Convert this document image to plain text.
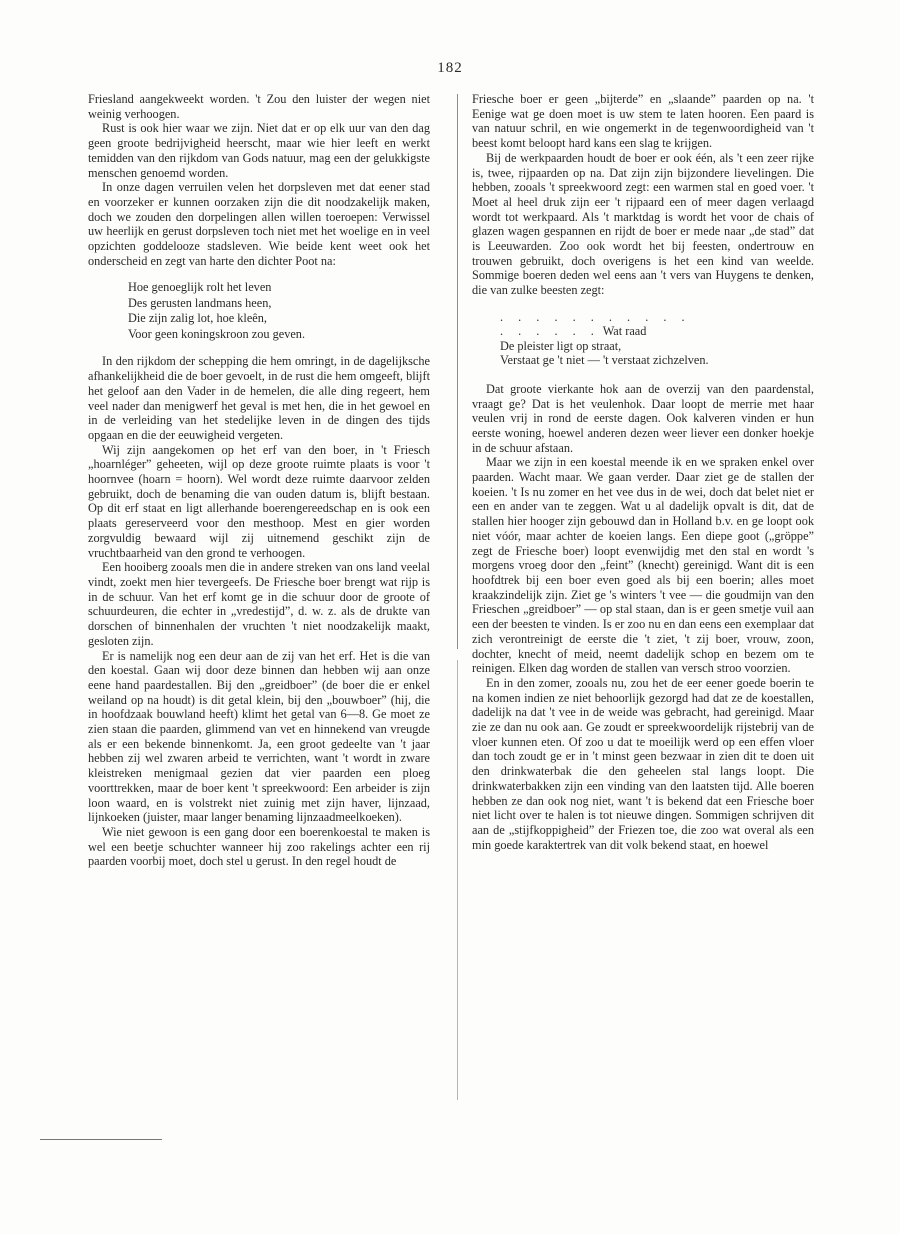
182

Friesland aangekweekt worden. 't Zou den luister der wegen niet weinig verhoogen.

Rust is ook hier waar we zijn. Niet dat er op elk uur van den dag geen groote bedrijvigheid heerscht, maar wie hier leeft en werkt temidden van den rijkdom van Gods natuur, mag een der gelukkigste menschen genoemd worden.

In onze dagen verruilen velen het dorpsleven met dat eener stad en voorzeker er kunnen oorzaken zijn die dit noodzakelijk maken, doch we zouden den dorpelingen allen willen toeroepen: Verwissel uw heerlijk en gerust dorpsleven toch niet met het woelige en in veel opzichten goddelooze stadsleven. Wie beide kent weet ook het onderscheid en zegt van harte den dichter Poot na:

Hoe genoeglijk rolt het leven
Des gerusten landmans heen,
Die zijn zalig lot, hoe kleên,
Voor geen koningskroon zou geven.

In den rijkdom der schepping die hem omringt, in de dagelijksche afhankelijkheid die de boer gevoelt, in de rust die hem omgeeft, blijft het geloof aan den Vader in de hemelen, die alle ding regeert, hem veel nader dan menigwerf het geval is met hen, die in het gewoel en in de verleiding van het stedelijke leven in de dingen des tijds opgaan en die der eeuwigheid vergeten.

Wij zijn aangekomen op het erf van den boer, in 't Friesch „hoarnléger” geheeten, wijl op deze groote ruimte plaats is voor 't hoornvee (hoarn = hoorn). Wel wordt deze ruimte daarvoor zelden gebruikt, doch de benaming die van ouden datum is, blijft bestaan. Op dit erf staat en ligt allerhande boerengereedschap en is ook een plaats gereserveerd voor den mesthoop. Mest en gier worden zorgvuldig bewaard wijl zij uitnemend geschikt zijn de vruchtbaarheid van den grond te verhoogen.

Een hooiberg zooals men die in andere streken van ons land veelal vindt, zoekt men hier tevergeefs. De Friesche boer brengt wat rijp is in de schuur. Van het erf komt ge in die schuur door de groote of schuurdeuren, die echter in „vredestijd”, d. w. z. als de drukte van dorschen of binnenhalen der vruchten 't niet noodzakelijk maakt, gesloten zijn.

Er is namelijk nog een deur aan de zij van het erf. Het is die van den koestal. Gaan wij door deze binnen dan hebben wij aan onze eene hand paardestallen. Bij den „greidboer” (de boer die er enkel weiland op na houdt) is dit getal klein, bij den „bouwboer” (hij, die in hoofdzaak bouwland heeft) klimt het getal van 6—8. Ge moet ze zien staan die paarden, glimmend van vet en hinnekend van vreugde als er een bekende binnenkomt. Ja, een groot gedeelte van 't jaar hebben zij wel zwaren arbeid te verrichten, want 't wordt in zware kleistreken menigmaal gezien dat vier paarden een ploeg voorttrekken, maar de boer kent 't spreekwoord: Een arbeider is zijn loon waard, en is volstrekt niet zuinig met zijn haver, lijnzaad, lijnkoeken (juister, maar langer benaming lijnzaadmeelkoeken).

Wie niet gewoon is een gang door een boerenkoestal te maken is wel een beetje schuchter wanneer hij zoo rakelings achter een rij paarden voorbij moet, doch stel u gerust. In den regel houdt de

Friesche boer er geen „bijterde” en „slaande” paarden op na. 't Eenige wat ge doen moet is uw stem te laten hooren. Een paard is van natuur schril, en wie ongemerkt in de tegenwoordigheid van 't beest komt beloopt hard kans een slag te krijgen.

Bij de werkpaarden houdt de boer er ook één, als 't een zeer rijke is, twee, rijpaarden op na. Dat zijn zijn bijzondere lievelingen. Die hebben, zooals 't spreekwoord zegt: een warmen stal en goed voer. 't Moet al heel druk zijn eer 't rijpaard een of meer dagen verlaagd wordt tot werkpaard. Als 't marktdag is wordt het voor de chais of glazen wagen gespannen en rijdt de boer er mede naar „de stad” dat is Leeuwarden. Zoo ook wordt het bij feesten, ondertrouw en trouwen gebruikt, doch overigens is het een kind van weelde. Sommige boeren deden wel eens aan 't vers van Huygens te denken, die van zulke beesten zegt:

. . . . . . . . . . .
. . . . . . Wat raad
De pleister ligt op straat,
Verstaat ge 't niet — 't verstaat zichzelven.

Dat groote vierkante hok aan de overzij van den paardenstal, vraagt ge? Dat is het veulenhok. Daar loopt de merrie met haar veulen vrij in rond de eerste dagen. Ook kalveren vinden er hun eerste woning, hoewel anderen dezen weer liever een donker hoekje in de schuur afstaan.

Maar we zijn in een koestal meende ik en we spraken enkel over paarden. Wacht maar. We gaan verder. Daar ziet ge de stallen der koeien. 't Is nu zomer en het vee dus in de wei, doch dat belet niet er een en ander van te zeggen. Wat u al dadelijk opvalt is dit, dat de stallen hier hooger zijn gebouwd dan in Holland b.v. en ge loopt ook niet vóór, maar achter de koeien langs. Een diepe goot („gröppe” zegt de Friesche boer) loopt evenwijdig met den stal en wordt 's morgens vroeg door den „feint” (knecht) gereinigd. Want dit is een hoofdtrek bij een boer even goed als bij een boerin; alles moet kraakzindelijk zijn. Ziet ge 's winters 't vee — die goudmijn van den Frieschen „greidboer” — op stal staan, dan is er geen smetje vuil aan een der beesten te vinden. Is er zoo nu en dan eens een exemplaar dat zich verontreinigt de eerste die 't ziet, 't zij boer, vrouw, zoon, dochter, knecht of meid, neemt dadelijk schop en bezem om te reinigen. Elken dag worden de stallen van versch stroo voorzien.

En in den zomer, zooals nu, zou het de eer eener goede boerin te na komen indien ze niet behoorlijk gezorgd had dat ze de koestallen, dadelijk na dat 't vee in de weide was gebracht, had gereinigd. Maar zie ze dan nu ook aan. Ge zoudt er spreekwoordelijk rijstebrij van de vloer kunnen eten. Of zoo u dat te moeilijk werd op een effen vloer dan toch zoudt ge er in 't minst geen bezwaar in zien dit te doen uit den drinkwaterbak die den geheelen stal langs loopt. Die drinkwaterbakken zijn een vinding van den laatsten tijd. Alle boeren hebben ze dan ook nog niet, want 't is bekend dat een Friesche boer niet licht over te halen is tot nieuwe dingen. Sommigen schrijven dit aan de „stijfkoppigheid” der Friezen toe, die zoo wat overal als een min goede karaktertrek van dit volk bekend staat, en hoewel
